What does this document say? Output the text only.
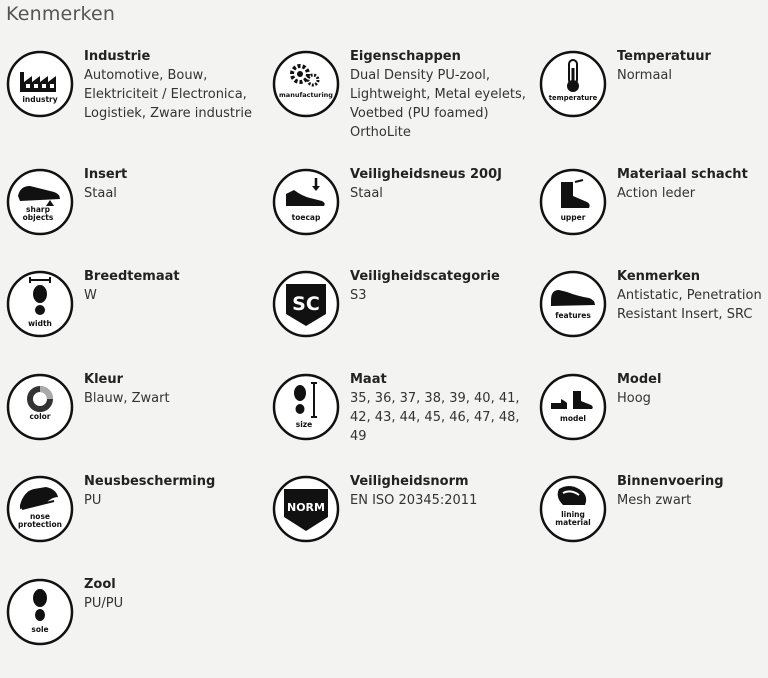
Kenmerken
industry
Industrie
Automotive, Bouw, Elektriciteit / Electronica, Logistiek, Zware industrie
manufacturing
Eigenschappen
Dual Density PU-zool, Lightweight, Metal eyelets, Voetbed (PU foamed) OrthoLite
temperature
Temperatuur
Normaal
sharp
objects
Insert
Staal
toecap
Veiligheidsneus 200J
Staal
upper
Materiaal schacht
Action leder
width
Breedtemaat
W	SC
Veiligheidscategorie
S3
features
Kenmerken
Antistatic, Penetration Resistant Insert, SRC
color
Kleur
Blauw, Zwart
size
Maat
35, 36, 37, 38, 39, 40, 41, 42, 43, 44, 45, 46, 47, 48, 49
model
Model
Hoog
nose
protection
Neusbescherming
PU	NORM
Veiligheidsnorm
EN ISO 20345:2011
lining
material
Binnenvoering
Mesh zwart
sole
Zool
PU/PU
